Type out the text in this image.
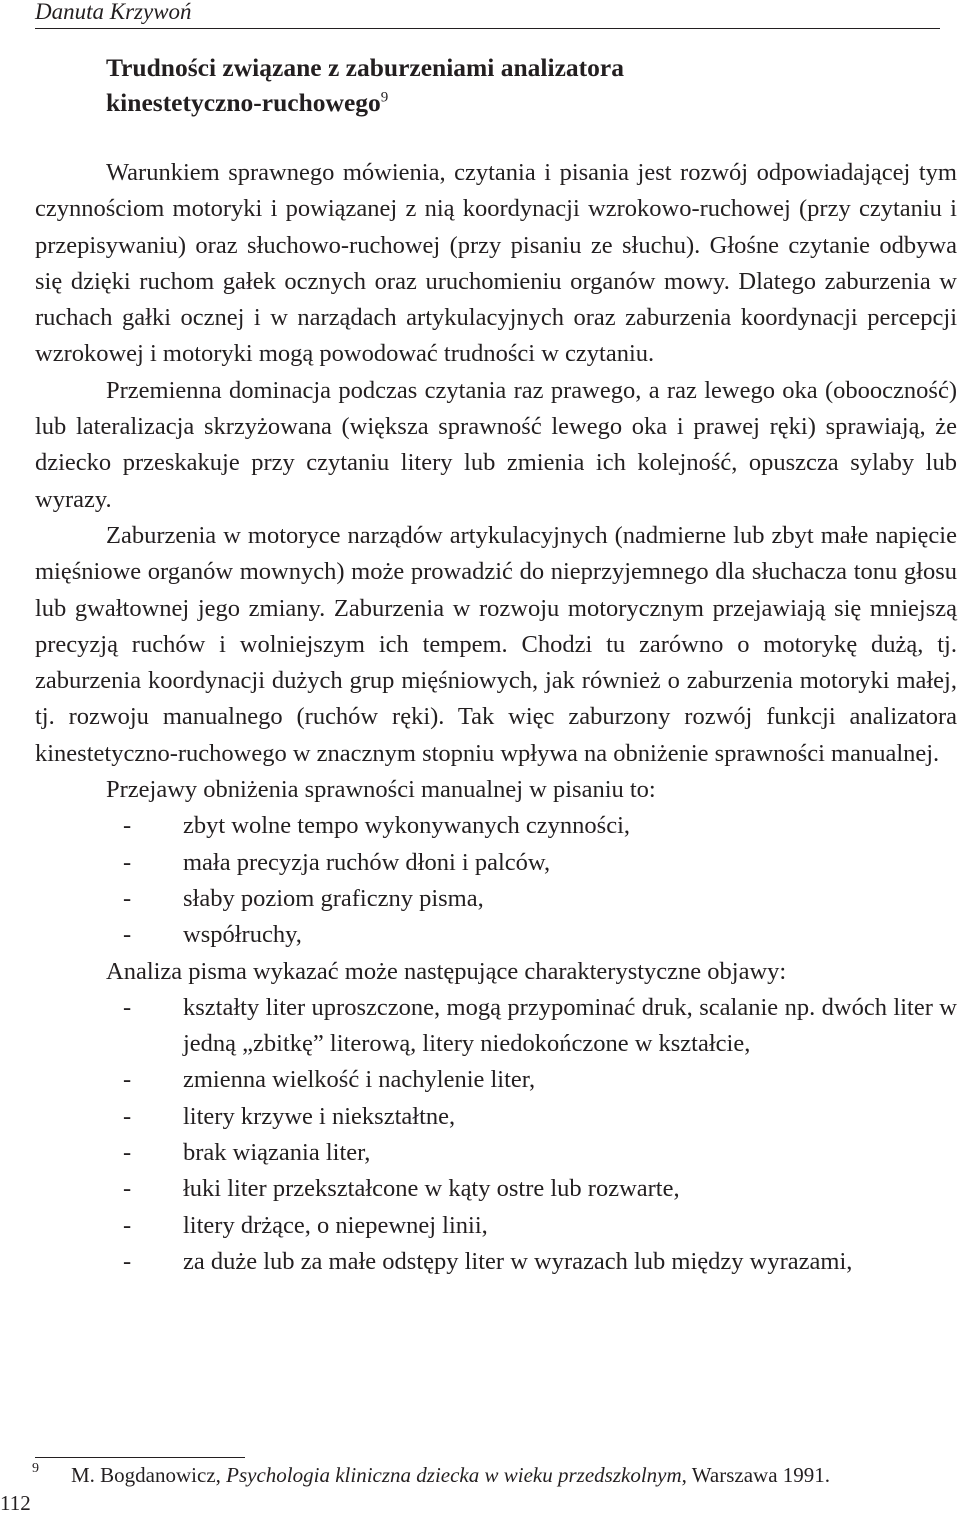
Danuta Krzywoń
Trudności związane z zaburzeniami analizatora
kinestetyczno-ruchowego$^9$

Warunkiem sprawnego mówienia, czytania i pisania jest rozwój odpowiadającej tym czynnościom motoryki i powiązanej z nią koordynacji wzrokowo-ruchowej (przy czytaniu i przepisywaniu) oraz słuchowo-ruchowej (przy pisaniu ze słuchu). Głośne czytanie odbywa się dzięki ruchom gałek ocznych oraz uruchomieniu organów mowy. Dlatego zaburzenia w ruchach gałki ocznej i w narządach artykulacyjnych oraz zaburzenia koordynacji percepcji wzrokowej i motoryki mogą powodować trudności w czytaniu.

Przemienna dominacja podczas czytania raz prawego, a raz lewego oka (obooczność) lub lateralizacja skrzyżowana (większa sprawność lewego oka i prawej ręki) sprawiają, że dziecko przeskakuje przy czytaniu litery lub zmienia ich kolejność, opuszcza sylaby lub wyrazy.

Zaburzenia w motoryce narządów artykulacyjnych (nadmierne lub zbyt małe napięcie mięśniowe organów mownych) może prowadzić do nieprzyjemnego dla słuchacza tonu głosu lub gwałtownej jego zmiany. Zaburzenia w rozwoju motorycznym przejawiają się mniejszą precyzją ruchów i wolniejszym ich tempem. Chodzi tu zarówno o motorykę dużą, tj. zaburzenia koordynacji dużych grup mięśniowych, jak również o zaburzenia motoryki małej, tj. rozwoju manualnego (ruchów ręki). Tak więc zaburzony rozwój funkcji analizatora kinestetyczno-ruchowego w znacznym stopniu wpływa na obniżenie sprawności manualnej.

Przejawy obniżenia sprawności manualnej w pisaniu to:
- zbyt wolne tempo wykonywanych czynności,
- mała precyzja ruchów dłoni i palców,
- słaby poziom graficzny pisma,
- współruchy,
Analiza pisma wykazać może następujące charakterystyczne objawy:
- kształty liter uproszczone, mogą przypominać druk, scalanie np. dwóch liter w jedną „zbitkę” literową, litery niedokończone w kształcie,
- zmienna wielkość i nachylenie liter,
- litery krzywe i niekształtne,
- brak wiązania liter,
- łuki liter przekształcone w kąty ostre lub rozwarte,
- litery drżące, o niepewnej linii,
- za duże lub za małe odstępy liter w wyrazach lub między wyrazami,
9 M. Bogdanowicz, Psychologia kliniczna dziecka w wieku przedszkolnym, Warszawa 1991.
112
